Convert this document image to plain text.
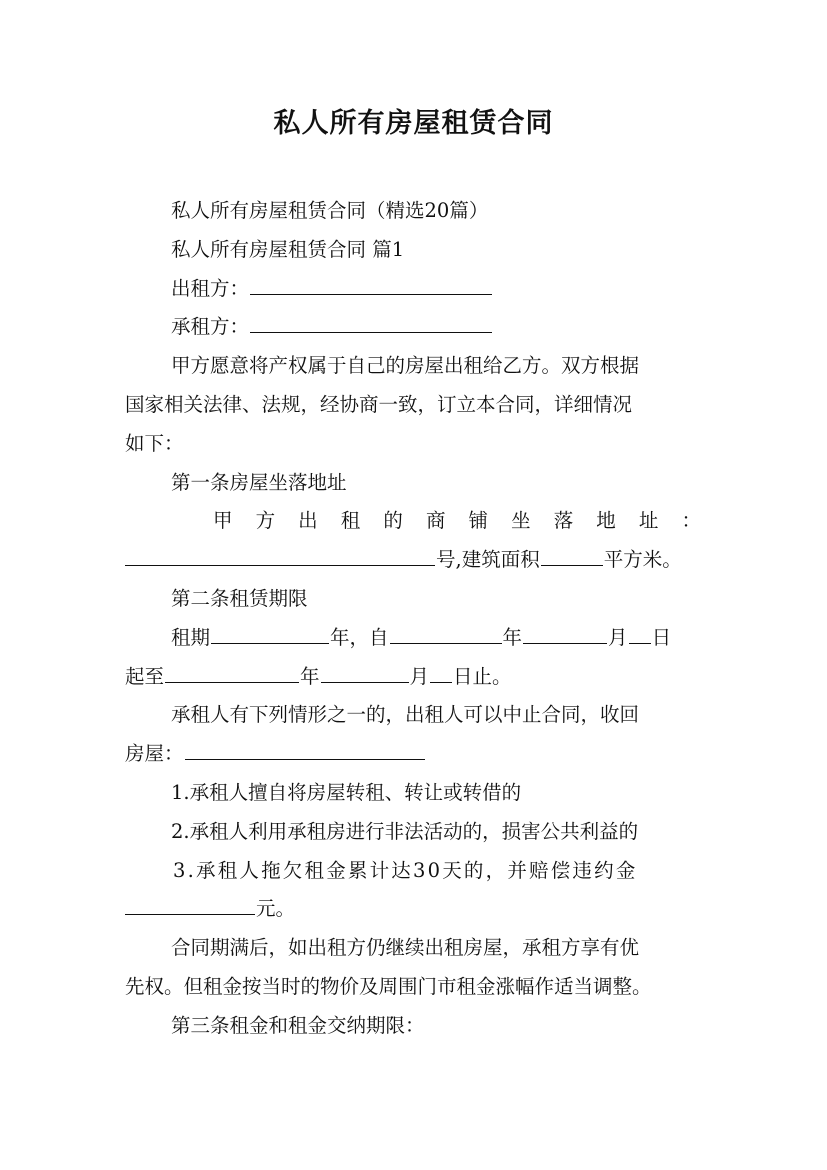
私人所有房屋租赁合同
私人所有房屋租赁合同（精选20篇）
私人所有房屋租赁合同 篇1
出租方：
承租方：
甲方愿意将产权属于自己的房屋出租给乙方。双方根据
国家相关法律、法规，经协商一致，订立本合同，详细情况
如下：
第一条房屋坐落地址
甲　方　出　租　的　商　铺　坐　落　地　址　：
号,建筑面积	平方米。
第二条租赁期限
租期	年，自	年	月 日
起至	年	月 日止。
承租人有下列情形之一的，出租人可以中止合同，收回
房屋：
1.承租人擅自将房屋转租、转让或转借的
2.承租人利用承租房进行非法活动的，损害公共利益的
3.承租人拖欠租金累计达30天的，并赔偿违约金
元。
合同期满后，如出租方仍继续出租房屋，承租方享有优
先权。但租金按当时的物价及周围门市租金涨幅作适当调整。
第三条租金和租金交纳期限：
